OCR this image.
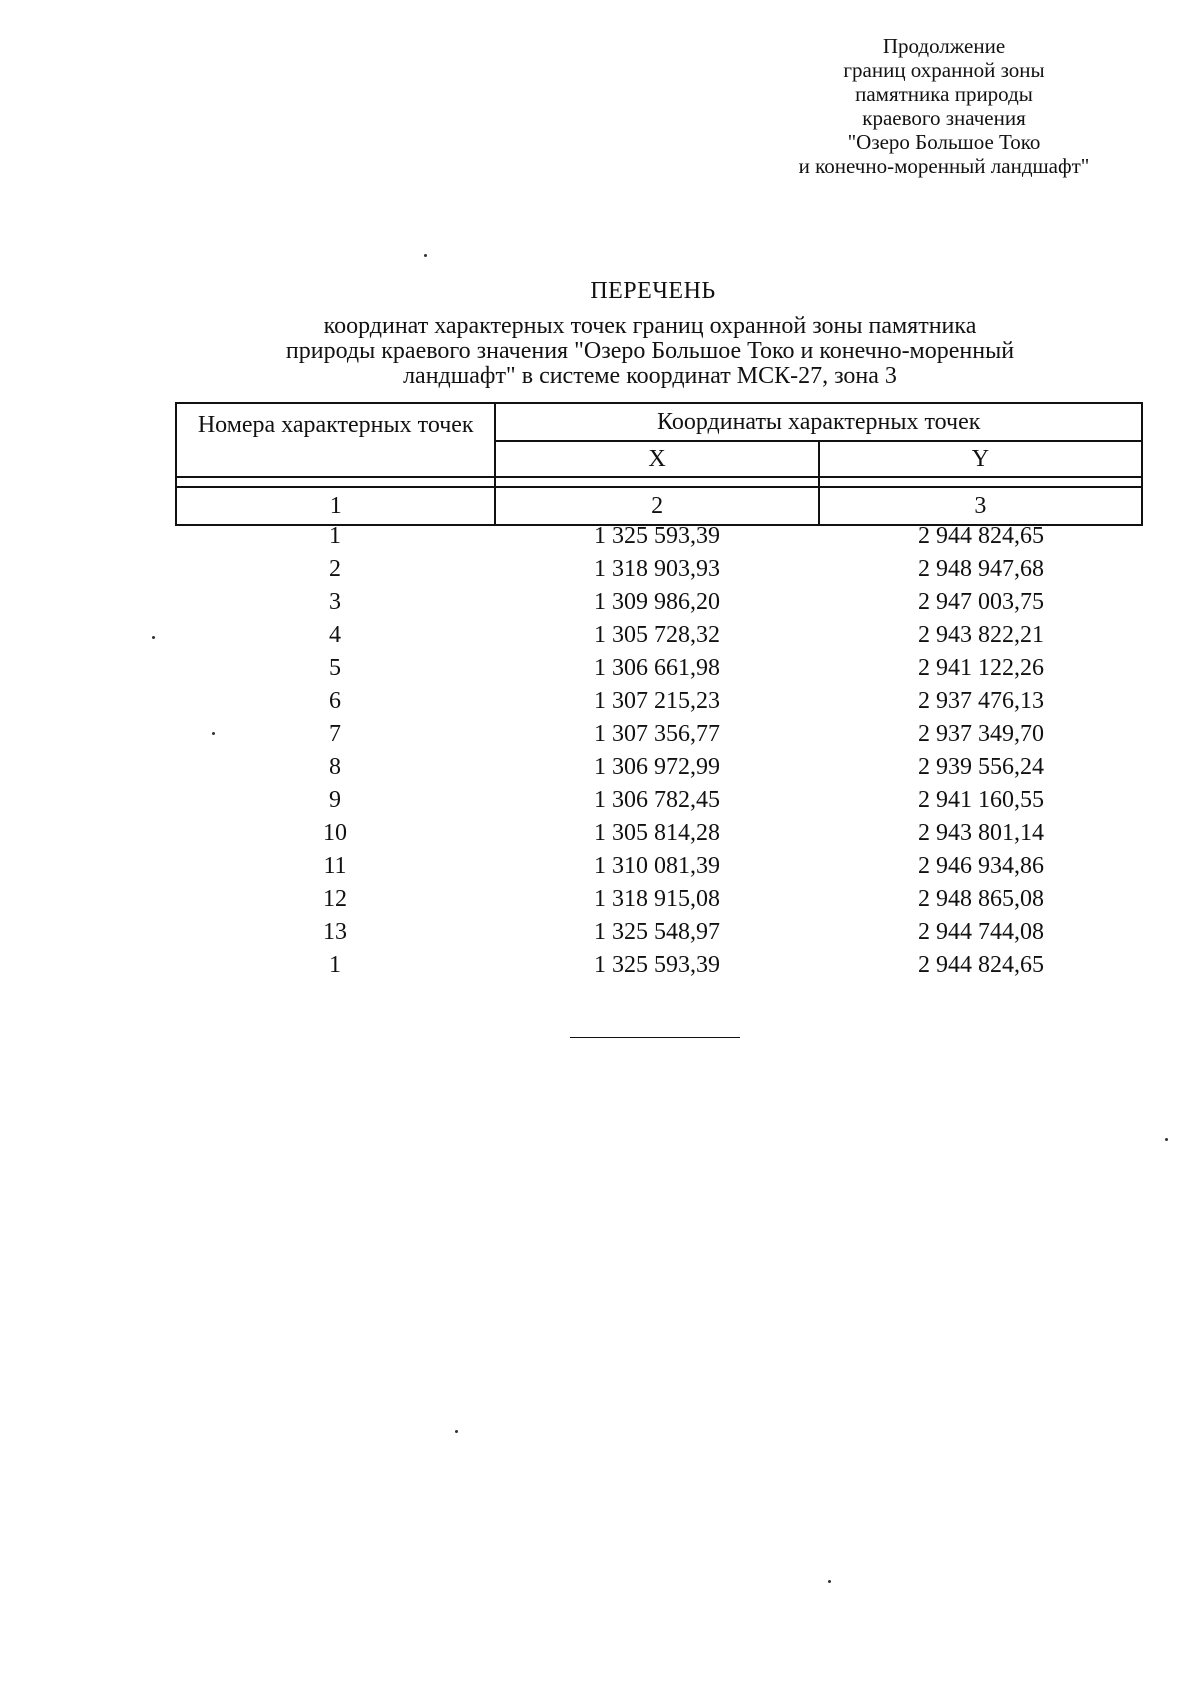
Продолжение
границ охранной зоны
памятника природы
краевого значения
"Озеро Большое Токо
и конечно-моренный ландшафт"
ПЕРЕЧЕНЬ
координат характерных точек границ охранной зоны памятника
природы краевого значения "Озеро Большое Токо и конечно-моренный
ландшафт" в системе координат МСК-27, зона 3
Номера характерных точек	Координаты характерных точек	
	X	Y

1	2	3
1	1 325 593,39	2 944 824,65
2	1 318 903,93	2 948 947,68
3	1 309 986,20	2 947 003,75
4	1 305 728,32	2 943 822,21
5	1 306 661,98	2 941 122,26
6	1 307 215,23	2 937 476,13
7	1 307 356,77	2 937 349,70
8	1 306 972,99	2 939 556,24
9	1 306 782,45	2 941 160,55
10	1 305 814,28	2 943 801,14
11	1 310 081,39	2 946 934,86
12	1 318 915,08	2 948 865,08
13	1 325 548,97	2 944 744,08
1	1 325 593,39	2 944 824,65
